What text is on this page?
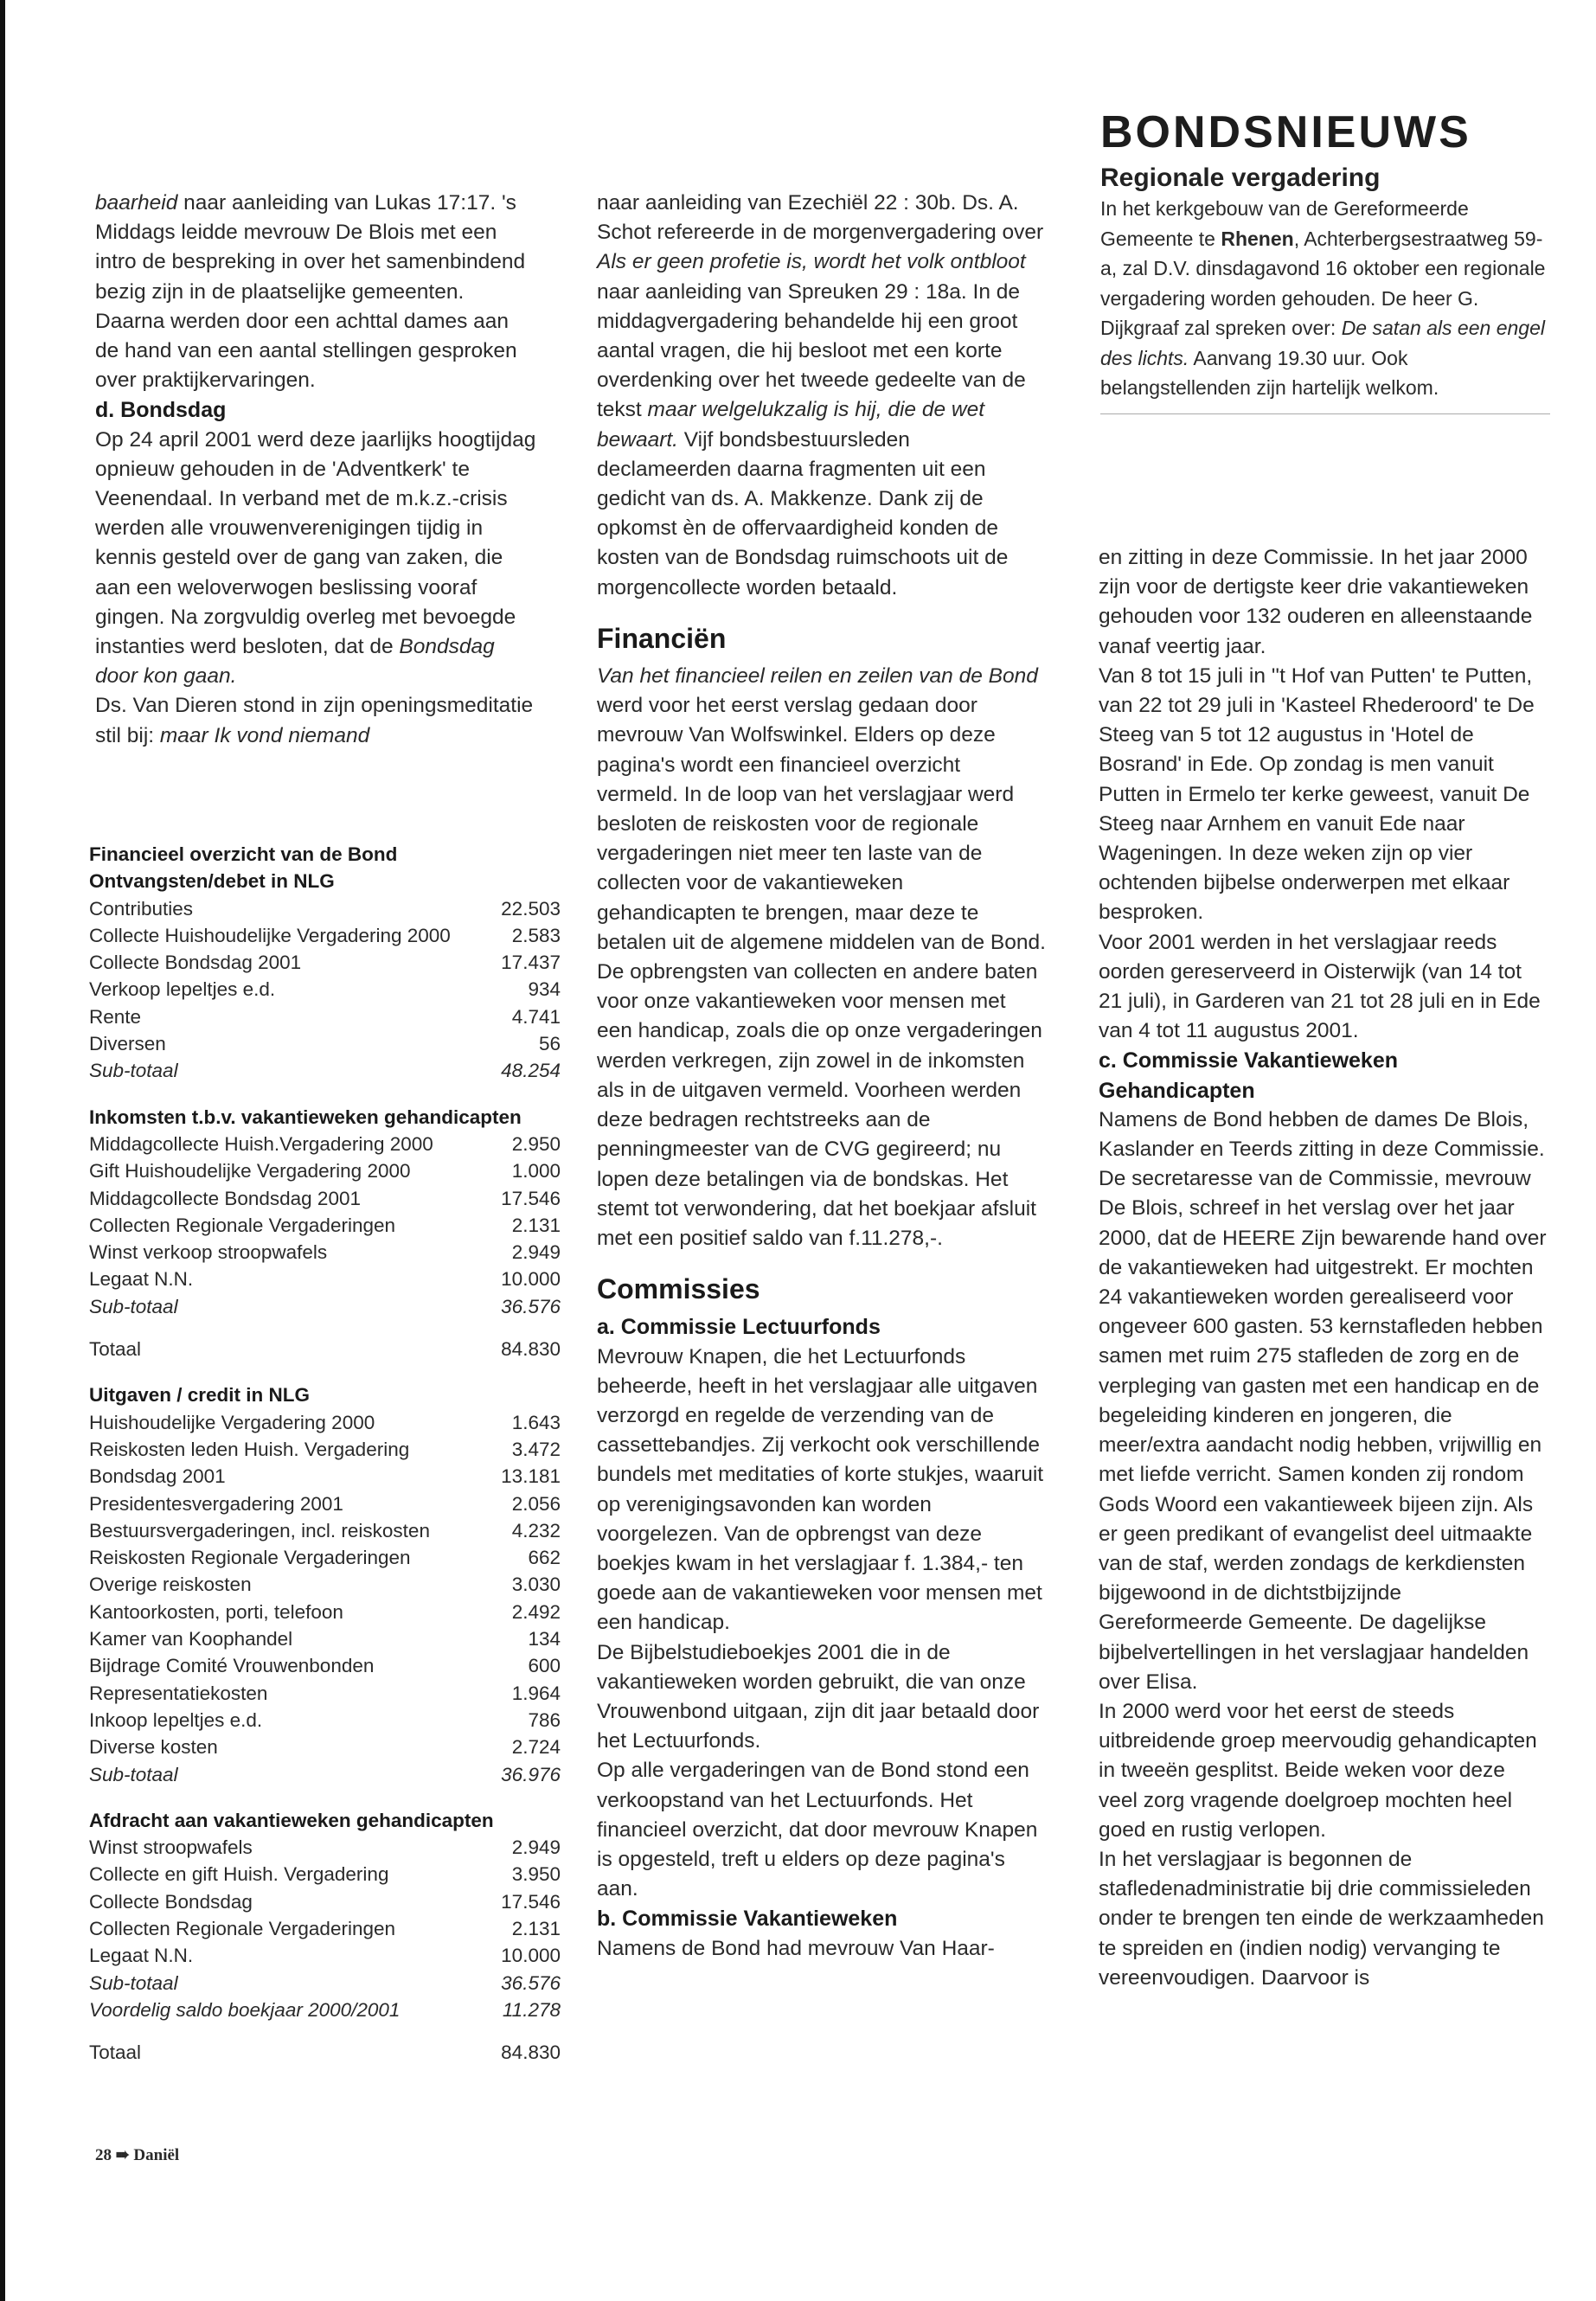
baarheid naar aanleiding van Lukas 17:17. 's Middags leidde mevrouw De Blois met een intro de bespreking in over het samenbindend bezig zijn in de plaatselijke gemeenten. Daarna werden door een achttal dames aan de hand van een aantal stellingen gesproken over praktijkervaringen.

d. Bondsdag

Op 24 april 2001 werd deze jaarlijks hoogtijdag opnieuw gehouden in de 'Adventkerk' te Veenendaal. In verband met de m.k.z.-crisis werden alle vrouwenverenigingen tijdig in kennis gesteld over de gang van zaken, die aan een weloverwogen beslissing vooraf gingen. Na zorgvuldig overleg met bevoegde instanties werd besloten, dat de Bondsdag door kon gaan.

Ds. Van Dieren stond in zijn openingsmeditatie stil bij: maar Ik vond niemand

Financieel overzicht van de Bond
Ontvangsten/debet in NLG
Contributies	22.503
Collecte Huishoudelijke Vergadering 2000	2.583
Collecte Bondsdag 2001	17.437
Verkoop lepeltjes e.d.	934
Rente	4.741
Diversen	56
Sub-totaal	48.254
Inkomsten t.b.v. vakantieweken gehandicapten
Middagcollecte Huish.Vergadering 2000	2.950
Gift Huishoudelijke Vergadering 2000	1.000
Middagcollecte Bondsdag 2001	17.546
Collecten Regionale Vergaderingen	2.131
Winst verkoop stroopwafels	2.949
Legaat N.N.	10.000
Sub-totaal	36.576
Totaal	84.830
Uitgaven / credit in NLG
Huishoudelijke Vergadering 2000	1.643
Reiskosten leden Huish. Vergadering	3.472
Bondsdag 2001	13.181
Presidentesvergadering 2001	2.056
Bestuursvergaderingen, incl. reiskosten	4.232
Reiskosten Regionale Vergaderingen	662
Overige reiskosten	3.030
Kantoorkosten, porti, telefoon	2.492
Kamer van Koophandel	134
Bijdrage Comité Vrouwenbonden	600
Representatiekosten	1.964
Inkoop lepeltjes e.d.	786
Diverse kosten	2.724
Sub-totaal	36.976
Afdracht aan vakantieweken gehandicapten
Winst stroopwafels	2.949
Collecte en gift Huish. Vergadering	3.950
Collecte Bondsdag	17.546
Collecten Regionale Vergaderingen	2.131
Legaat N.N.	10.000
Sub-totaal	36.576
Voordelig saldo boekjaar 2000/2001	11.278
Totaal	84.830

naar aanleiding van Ezechiël 22 : 30b. Ds. A. Schot refereerde in de morgenvergadering over Als er geen profetie is, wordt het volk ontbloot naar aanleiding van Spreuken 29 : 18a. In de middagvergadering behandelde hij een groot aantal vragen, die hij besloot met een korte overdenking over het tweede gedeelte van de tekst maar welgelukzalig is hij, die de wet bewaart. Vijf bondsbestuursleden declameerden daarna fragmenten uit een gedicht van ds. A. Makkenze. Dank zij de opkomst èn de offervaardigheid konden de kosten van de Bondsdag ruimschoots uit de morgencollecte worden betaald.

Financiën

Van het financieel reilen en zeilen van de Bond werd voor het eerst verslag gedaan door mevrouw Van Wolfswinkel. Elders op deze pagina's wordt een financieel overzicht vermeld. In de loop van het verslagjaar werd besloten de reiskosten voor de regionale vergaderingen niet meer ten laste van de collecten voor de vakantieweken gehandicapten te brengen, maar deze te betalen uit de algemene middelen van de Bond. De opbrengsten van collecten en andere baten voor onze vakantieweken voor mensen met een handicap, zoals die op onze vergaderingen werden verkregen, zijn zowel in de inkomsten als in de uitgaven vermeld. Voorheen werden deze bedragen rechtstreeks aan de penningmeester van de CVG gegireerd; nu lopen deze betalingen via de bondskas. Het stemt tot verwondering, dat het boekjaar afsluit met een positief saldo van f.11.278,-.

Commissies

a. Commissie Lectuurfonds

Mevrouw Knapen, die het Lectuurfonds beheerde, heeft in het verslagjaar alle uitgaven verzorgd en regelde de verzending van de cassettebandjes. Zij verkocht ook verschillende bundels met meditaties of korte stukjes, waaruit op verenigingsavonden kan worden voorgelezen. Van de opbrengst van deze boekjes kwam in het verslagjaar f. 1.384,- ten goede aan de vakantieweken voor mensen met een handicap.

De Bijbelstudieboekjes 2001 die in de vakantieweken worden gebruikt, die van onze Vrouwenbond uitgaan, zijn dit jaar betaald door het Lectuurfonds.

Op alle vergaderingen van de Bond stond een verkoopstand van het Lectuurfonds. Het financieel overzicht, dat door mevrouw Knapen is opgesteld, treft u elders op deze pagina's aan.

b. Commissie Vakantieweken

Namens de Bond had mevrouw Van Haar-

BONDSNIEUWS
Regionale vergadering

In het kerkgebouw van de Gereformeerde Gemeente te Rhenen, Achterbergsestraatweg 59-a, zal D.V. dinsdagavond 16 oktober een regionale vergadering worden gehouden. De heer G. Dijkgraaf zal spreken over: De satan als een engel des lichts. Aanvang 19.30 uur. Ook belangstellenden zijn hartelijk welkom.

en zitting in deze Commissie. In het jaar 2000 zijn voor de dertigste keer drie vakantieweken gehouden voor 132 ouderen en alleenstaande vanaf veertig jaar.

Van 8 tot 15 juli in ''t Hof van Putten' te Putten, van 22 tot 29 juli in 'Kasteel Rhederoord' te De Steeg van 5 tot 12 augustus in 'Hotel de Bosrand' in Ede. Op zondag is men vanuit Putten in Ermelo ter kerke geweest, vanuit De Steeg naar Arnhem en vanuit Ede naar Wageningen. In deze weken zijn op vier ochtenden bijbelse onderwerpen met elkaar besproken.

Voor 2001 werden in het verslagjaar reeds oorden gereserveerd in Oisterwijk (van 14 tot 21 juli), in Garderen van 21 tot 28 juli en in Ede van 4 tot 11 augustus 2001.

c. Commissie Vakantieweken

Gehandicapten

Namens de Bond hebben de dames De Blois, Kaslander en Teerds zitting in deze Commissie. De secretaresse van de Commissie, mevrouw De Blois, schreef in het verslag over het jaar 2000, dat de HEERE Zijn bewarende hand over de vakantieweken had uitgestrekt. Er mochten 24 vakantieweken worden gerealiseerd voor ongeveer 600 gasten. 53 kernstafleden hebben samen met ruim 275 stafleden de zorg en de verpleging van gasten met een handicap en de begeleiding kinderen en jongeren, die meer/extra aandacht nodig hebben, vrijwillig en met liefde verricht. Samen konden zij rondom Gods Woord een vakantieweek bijeen zijn. Als er geen predikant of evangelist deel uitmaakte van de staf, werden zondags de kerkdiensten bijgewoond in de dichtstbijzijnde Gereformeerde Gemeente. De dagelijkse bijbelvertellingen in het verslagjaar handelden over Elisa.

In 2000 werd voor het eerst de steeds uitbreidende groep meervoudig gehandicapten in tweeën gesplitst. Beide weken voor deze veel zorg vragende doelgroep mochten heel goed en rustig verlopen.

In het verslagjaar is begonnen de stafledenadministratie bij drie commissieleden onder te brengen ten einde de werkzaamheden te spreiden en (indien nodig) vervanging te vereenvoudigen. Daarvoor is

28 ➠ Daniël
